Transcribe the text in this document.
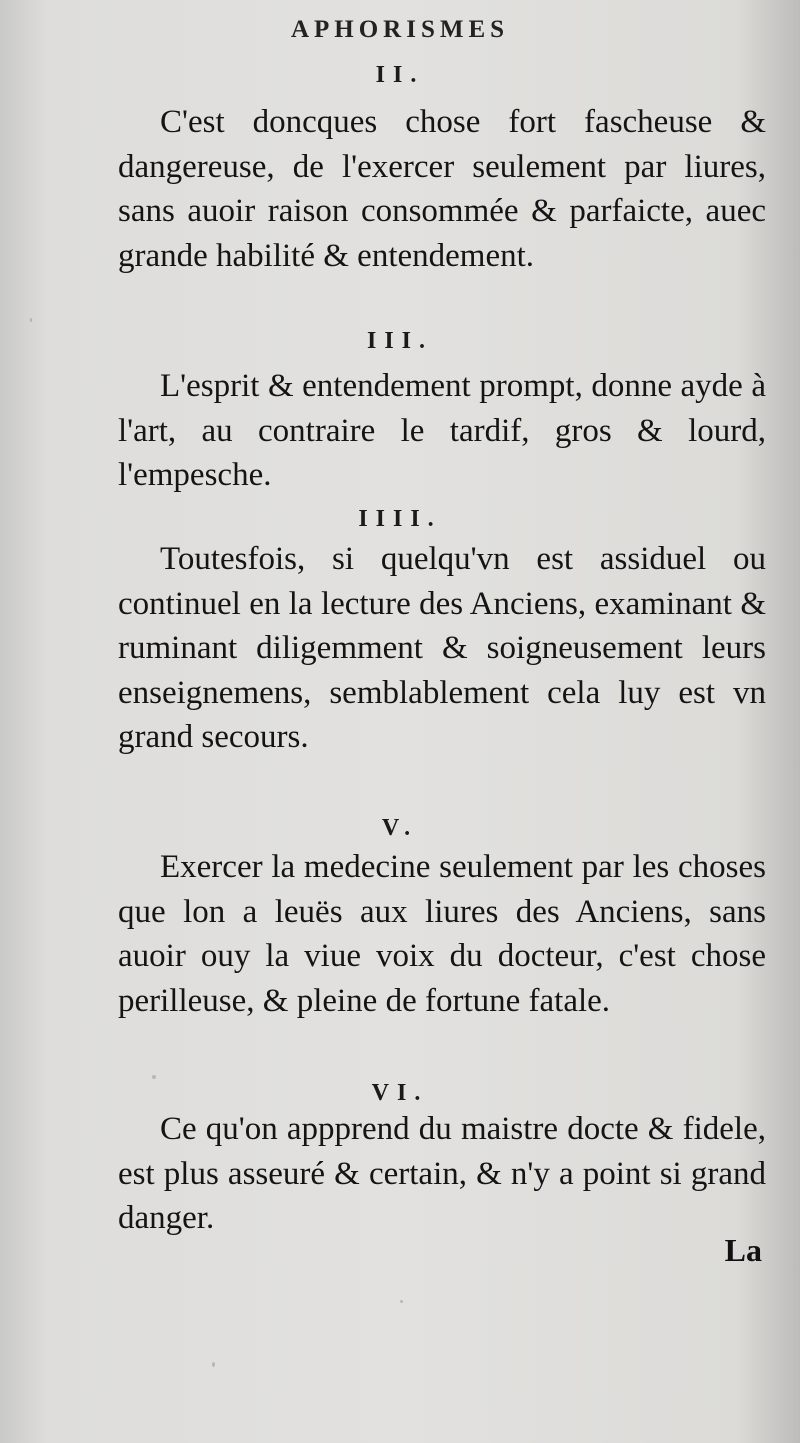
APHORISMES
II.
C'est doncques chose fort fascheuse & dangereuse, de l'exercer seulement par liures, sans auoir raison consommée & parfaicte, auec grande habilité & entendement.
III.
L'esprit & entendement prompt, donne ayde à l'art, au contraire le tardif, gros & lourd, l'empesche.
IIII.
Toutesfois, si quelqu'vn est assiduel ou continuel en la lecture des Anciens, examinant & ruminant diligemment & soigneusement leurs enseignemens, semblablement cela luy est vn grand secours.
V.
Exercer la medecine seulement par les choses que lon a leuës aux liures des Anciens, sans auoir ouy la viue voix du docteur, c'est chose perilleuse, & pleine de fortune fatale.
VI.
Ce qu'on appprend du maistre docte & fidele, est plus asseuré & certain, & n'y a point si grand danger.
La
